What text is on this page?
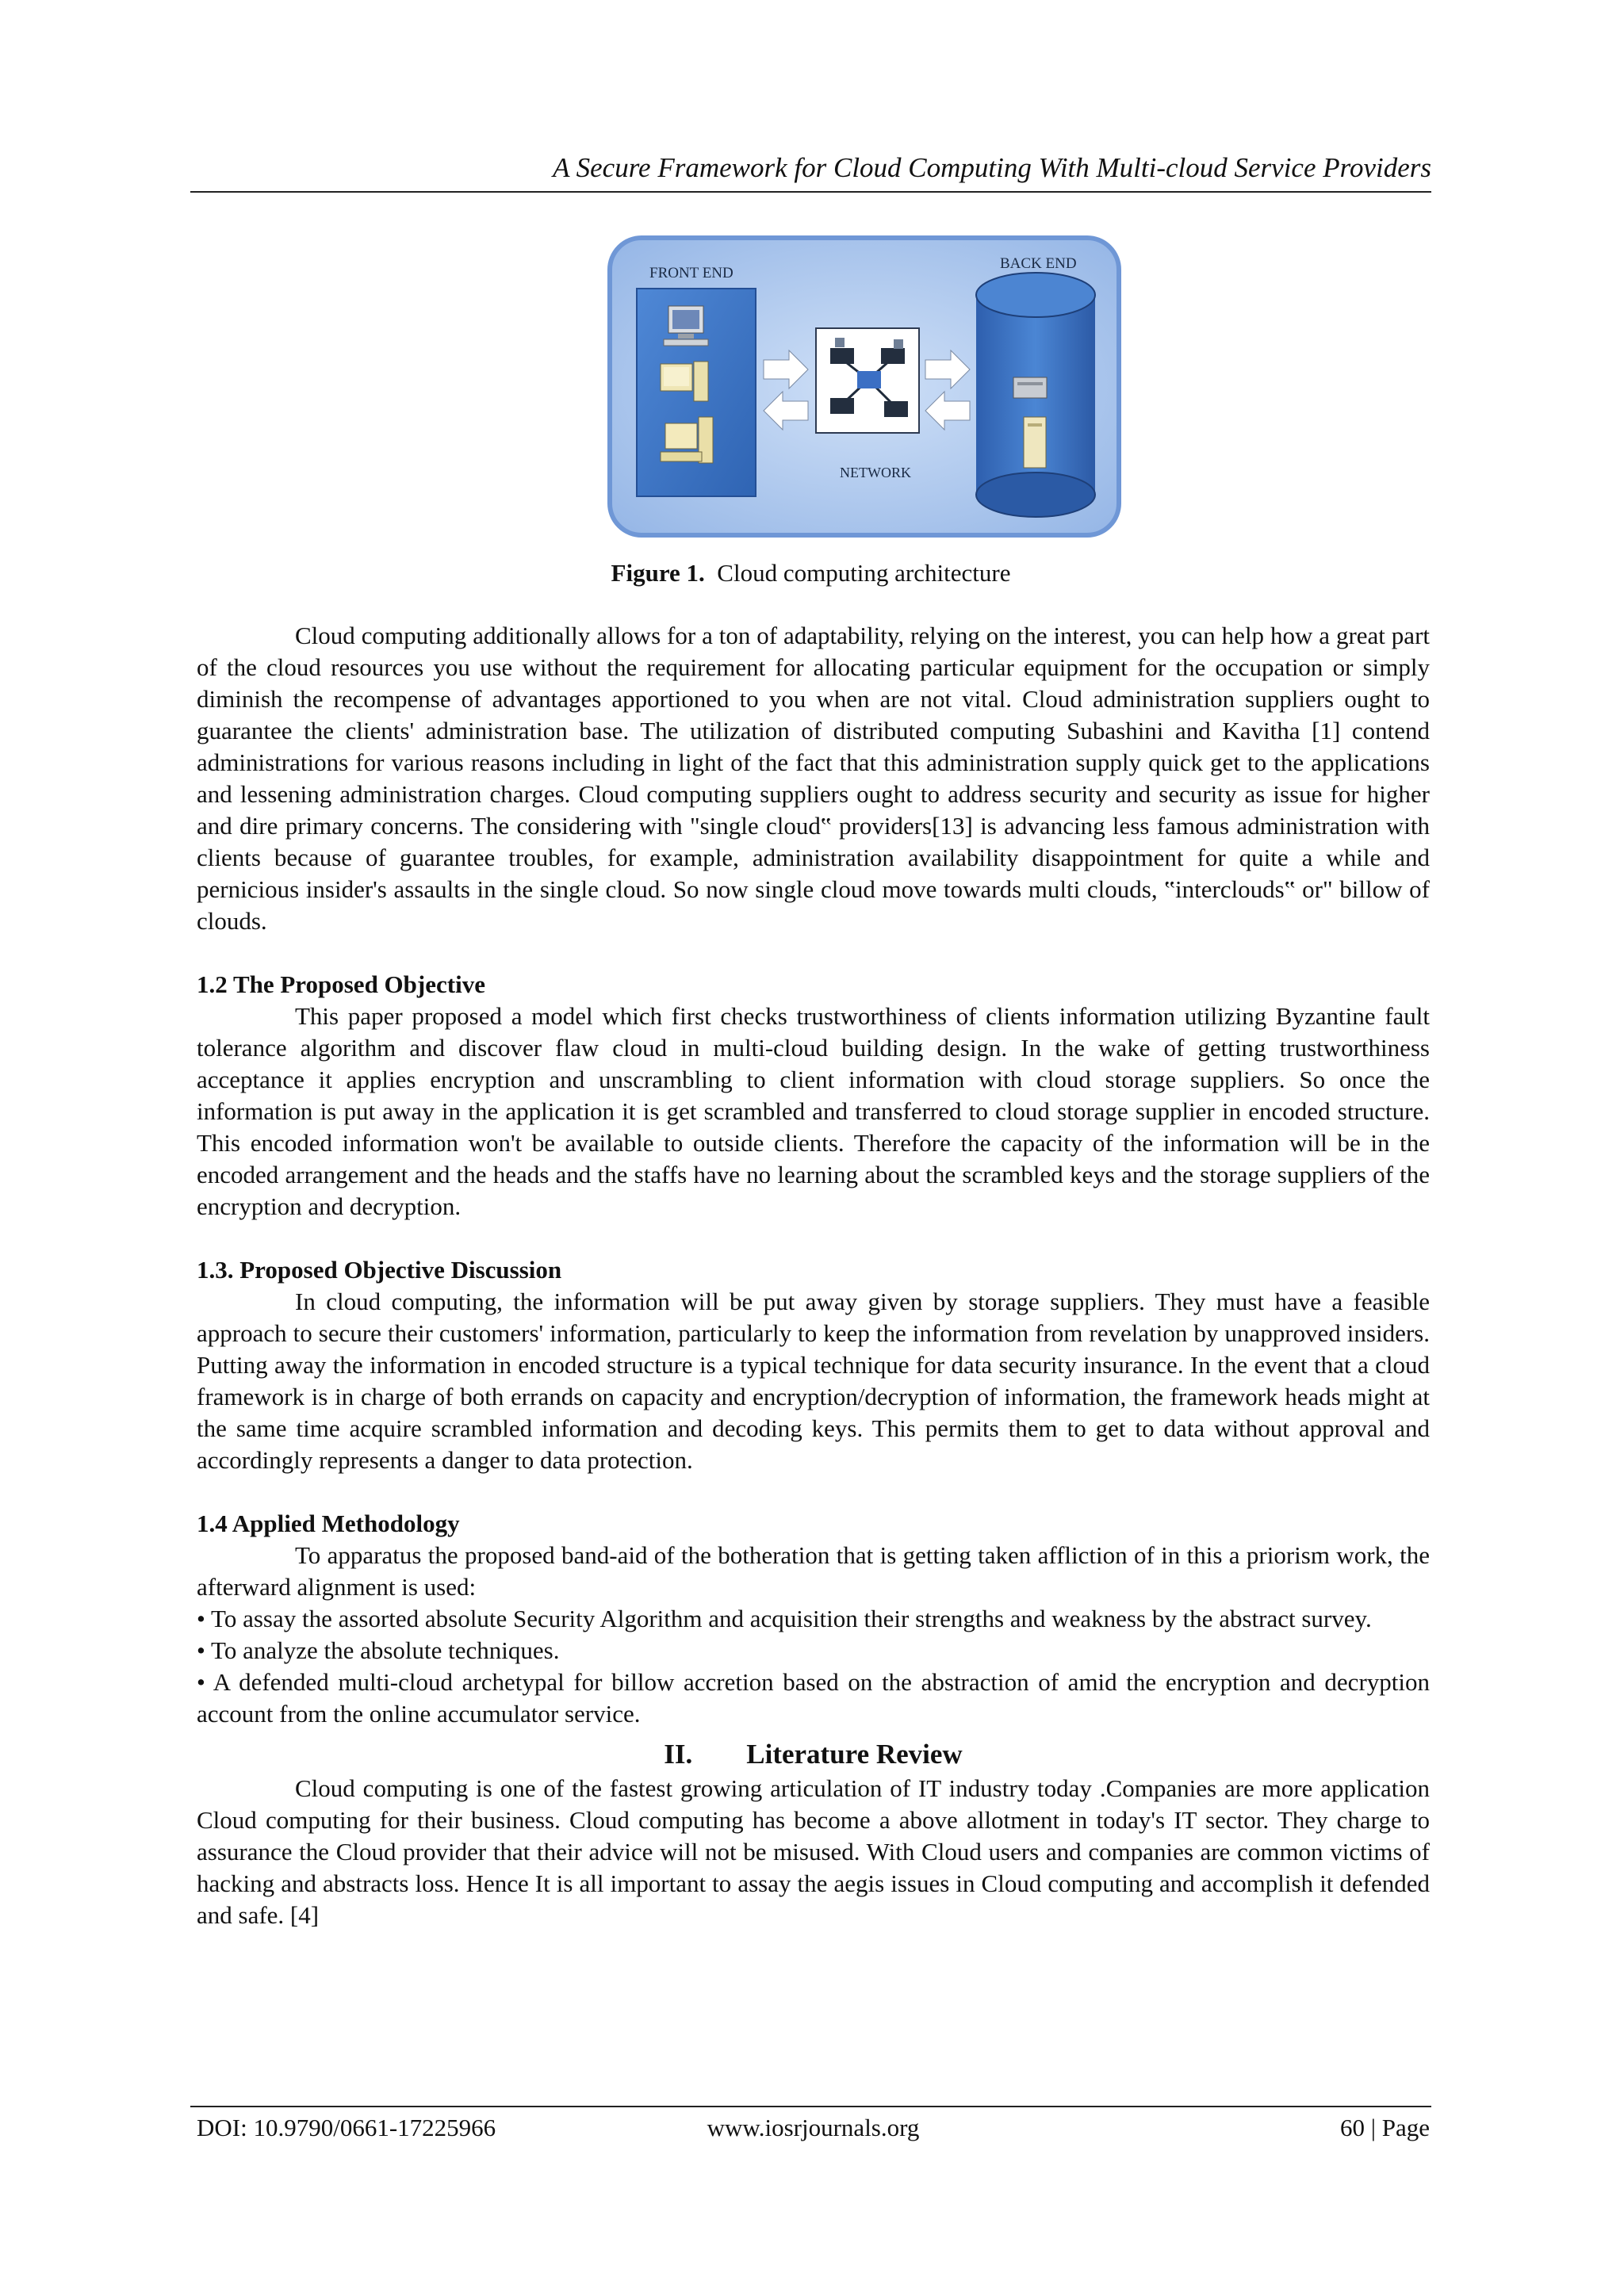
A Secure Framework for Cloud Computing With Multi-cloud Service Providers
FRONT END
NETWORK
BACK END
Figure 1. Cloud computing architecture

Cloud computing additionally allows for a ton of adaptability, relying on the interest, you can help how a great part of the cloud resources you use without the requirement for allocating particular equipment for the occupation or simply diminish the recompense of advantages apportioned to you when are not vital. Cloud administration suppliers ought to guarantee the clients' administration base. The utilization of distributed computing Subashini and Kavitha [1] contend administrations for various reasons including in light of the fact that this administration supply quick get to the applications and lessening administration charges. Cloud computing suppliers ought to address security and security as issue for higher and dire primary concerns. The considering with "single cloud‟ providers[13] is advancing less famous administration with clients because of guarantee troubles, for example, administration availability disappointment for quite a while and pernicious insider's assaults in the single cloud. So now single cloud move towards multi clouds, ‟interclouds‟ or" billow of clouds.

1.2 The Proposed Objective

This paper proposed a model which first checks trustworthiness of clients information utilizing Byzantine fault tolerance algorithm and discover flaw cloud in multi-cloud building design. In the wake of getting trustworthiness acceptance it applies encryption and unscrambling to client information with cloud storage suppliers. So once the information is put away in the application it is get scrambled and transferred to cloud storage supplier in encoded structure. This encoded information won't be available to outside clients. Therefore the capacity of the information will be in the encoded arrangement and the heads and the staffs have no learning about the scrambled keys and the storage suppliers of the encryption and decryption.

1.3. Proposed Objective Discussion

In cloud computing, the information will be put away given by storage suppliers. They must have a feasible approach to secure their customers' information, particularly to keep the information from revelation by unapproved insiders. Putting away the information in encoded structure is a typical technique for data security insurance. In the event that a cloud framework is in charge of both errands on capacity and encryption/decryption of information, the framework heads might at the same time acquire scrambled information and decoding keys. This permits them to get to data without approval and accordingly represents a danger to data protection.

1.4 Applied Methodology

To apparatus the proposed band-aid of the botheration that is getting taken affliction of in this a priorism work, the afterward alignment is used:

• To assay the assorted absolute Security Algorithm and acquisition their strengths and weakness by the abstract survey.

• To analyze the absolute techniques.

• A defended multi-cloud archetypal for billow accretion based on the abstraction of amid the encryption and decryption account from the online accumulator service.

II. Literature Review

Cloud computing is one of the fastest growing articulation of IT industry today .Companies are more application Cloud computing for their business. Cloud computing has become a above allotment in today's IT sector. They charge to assurance the Cloud provider that their advice will not be misused. With Cloud users and companies are common victims of hacking and abstracts loss. Hence It is all important to assay the aegis issues in Cloud computing and accomplish it defended and safe. [4]

DOI: 10.9790/0661-17225966	www.iosrjournals.org	60 | Page
